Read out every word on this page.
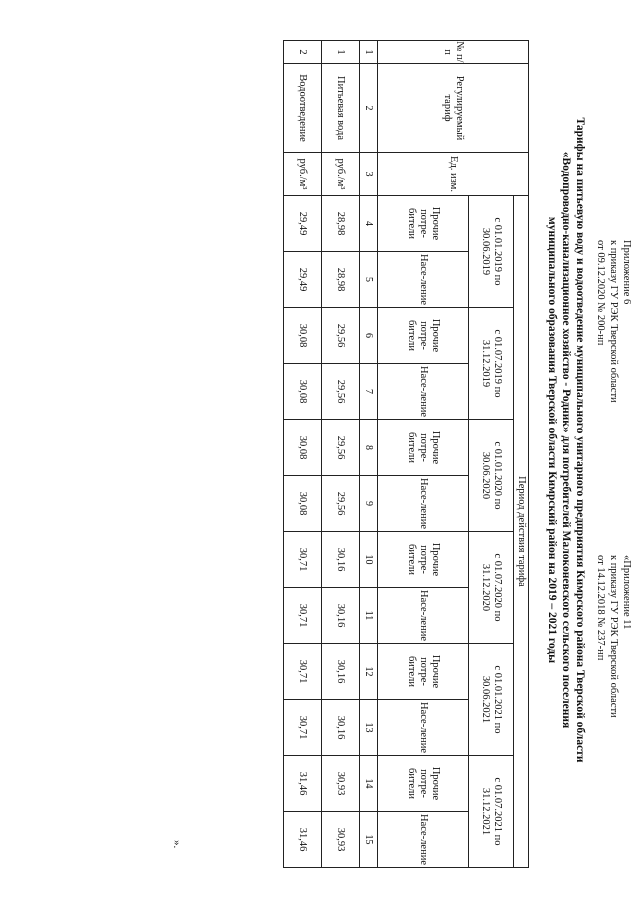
Приложение 6
к приказу ГУ РЭК Тверской области
от 09.12.2020 № 200-нп
«Приложение 11
к приказу ГУ РЭК Тверской области
от 14.12.2018 № 237-нп
Тарифы на питьевую воду и водоотведение муниципального унитарного предприятия Кимрского района Тверской области
«Водопроводно-канализационное хозяйство - Родник» для потребителей Малоконевского сельского поселения
муниципального образования Тверской области Кимрский район на 2019 – 2021 годы
№ п/п	Регулируемый тариф	Ед. изм.	Период действия тарифа											
			с 01.01.2019 по 30.06.2019		с 01.07.2019 по 31.12.2019		с 01.01.2020 по 30.06.2020		с 01.07.2020 по 31.12.2020		с 01.01.2021 по 30.06.2021		с 01.07.2021 по 31.12.2021	
			Прочие потре-бители	Насе-ление	Прочие потре-бители	Насе-ление	Прочие потре-бители	Насе-ление	Прочие потре-бители	Насе-ление	Прочие потре-бители	Насе-ление	Прочие потре-бители	Насе-ление
1	2	3	4	5	6	7	8	9	10	11	12	13	14	15
1	Питьевая вода	руб./м³	28,98	28,98	29,56	29,56	29,56	29,56	30,16	30,16	30,16	30,16	30,93	30,93
2	Водоотведение	руб./м³	29,49	29,49	30,08	30,08	30,08	30,08	30,71	30,71	30,71	30,71	31,46	31,46
».
